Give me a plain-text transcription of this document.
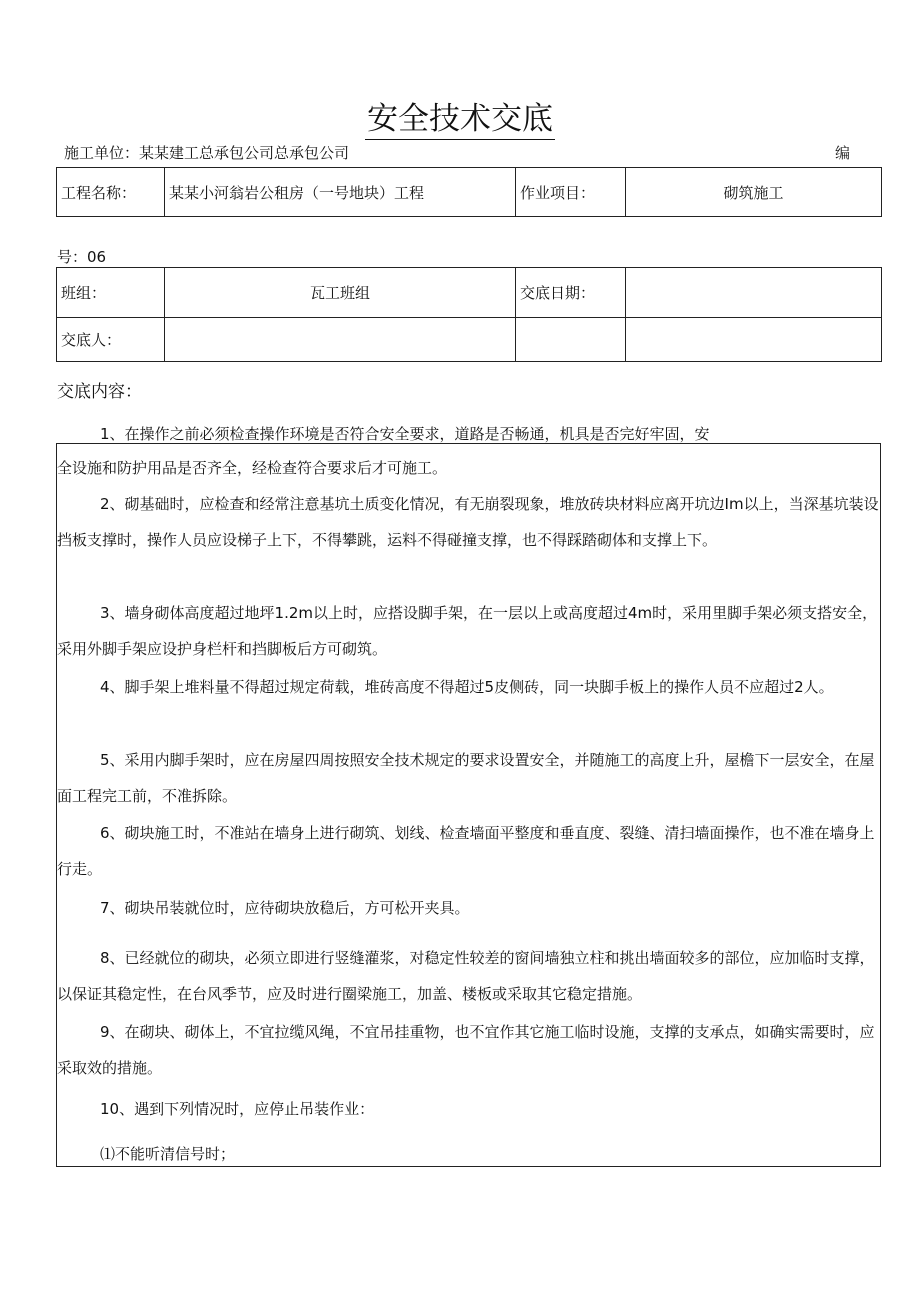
安全技术交底
施工单位：某某建工总承包公司总承包公司	编
工程名称：	某某小河翁岩公租房（一号地块）工程	作业项目：	砌筑施工
号：06
班组：	瓦工班组	交底日期：	
交底人：			
交底内容：
1、在操作之前必须检查操作环境是否符合安全要求，道路是否畅通，机具是否完好牢固，安
全设施和防护用品是否齐全，经检查符合要求后才可施工。
2、砌基础时，应检查和经常注意基坑土质变化情况，有无崩裂现象，堆放砖块材料应离开坑边Im以上，当深基坑装设挡板支撑时，操作人员应设梯子上下，不得攀跳，运料不得碰撞支撑，也不得踩踏砌体和支撑上下。
3、墙身砌体高度超过地坪1.2m以上时，应搭设脚手架，在一层以上或高度超过4m时，采用里脚手架必须支搭安全，采用外脚手架应设护身栏杆和挡脚板后方可砌筑。
4、脚手架上堆料量不得超过规定荷载，堆砖高度不得超过5皮侧砖，同一块脚手板上的操作人员不应超过2人。
5、采用内脚手架时，应在房屋四周按照安全技术规定的要求设置安全，并随施工的高度上升，屋檐下一层安全，在屋面工程完工前，不准拆除。
6、砌块施工时，不准站在墙身上进行砌筑、划线、检查墙面平整度和垂直度、裂缝、清扫墙面操作，也不准在墙身上行走。
7、砌块吊装就位时，应待砌块放稳后，方可松开夹具。
8、已经就位的砌块，必须立即进行竖缝灌浆，对稳定性较差的窗间墙独立柱和挑出墙面较多的部位，应加临时支撑，以保证其稳定性，在台风季节，应及时进行圈梁施工，加盖、楼板或采取其它稳定措施。
9、在砌块、砌体上，不宜拉缆风绳，不宜吊挂重物，也不宜作其它施工临时设施，支撑的支承点，如确实需要时，应采取效的措施。
10、遇到下列情况时，应停止吊装作业：
⑴不能听清信号时；
